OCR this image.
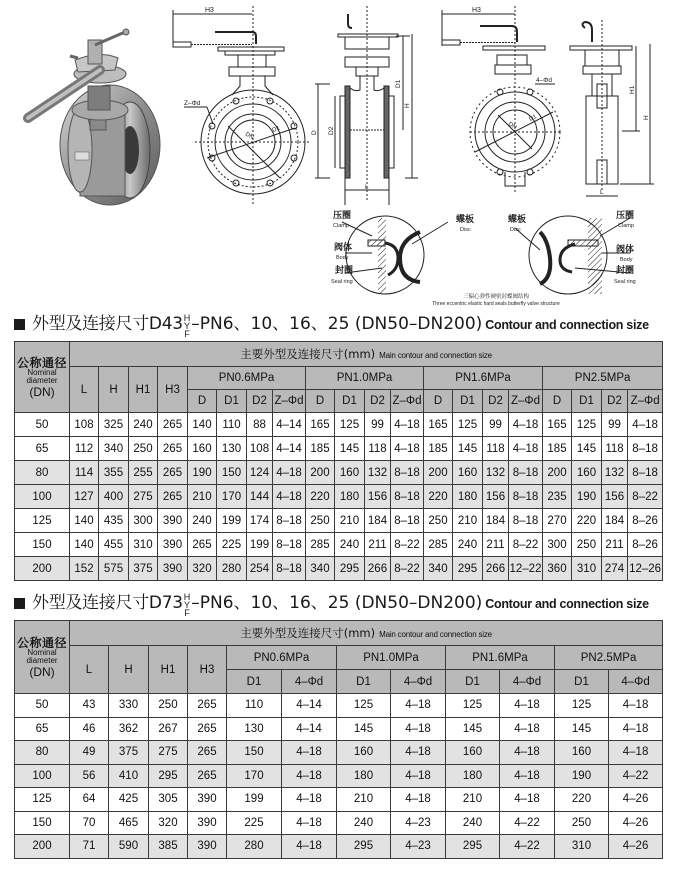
H3
Z–Φd
DN
D1	D D2
L
D1
H
H3
4–Φd
DN
D1
L
H1
H
压圈
Clamp
阀体
Body
封圈
Seal ring
蝶板
Disc
蝶板
Disc
压圈
Clamp
阀体
Body
封圈
Seal ring
三偏心弹性硬密封蝶阀结构
Three eccentric elastic hard seals butterfly valve structure
外型及连接尺寸D43 H
Y
F –PN6、10、16、25 (DN50–DN200) Contour and connection size
公称通径
Nominal
diameter
(DN)	主要外型及连接尺寸(mm) Main contour and connection size																			
	L	H	H1	H3	PN0.6MPa				PN1.0MPa				PN1.6MPa				PN2.5MPa			
					D	D1	D2	Z–Φd	D	D1	D2	Z–Φd	D	D1	D2	Z–Φd	D	D1	D2	Z–Φd
50	108	325	240	265	140	110	88	4–14	165	125	99	4–18	165	125	99	4–18	165	125	99	4–18
65	112	340	250	265	160	130	108	4–14	185	145	118	4–18	185	145	118	4–18	185	145	118	8–18
80	114	355	255	265	190	150	124	4–18	200	160	132	8–18	200	160	132	8–18	200	160	132	8–18
100	127	400	275	265	210	170	144	4–18	220	180	156	8–18	220	180	156	8–18	235	190	156	8–22
125	140	435	300	390	240	199	174	8–18	250	210	184	8–18	250	210	184	8–18	270	220	184	8–26
150	140	455	310	390	265	225	199	8–18	285	240	211	8–22	285	240	211	8–22	300	250	211	8–26
200	152	575	375	390	320	280	254	8–18	340	295	266	8–22	340	295	266	12–22	360	310	274	12–26
外型及连接尺寸D73 H
Y
F –PN6、10、16、25 (DN50–DN200) Contour and connection size
公称通径
Nominal
diameter
(DN)	主要外型及连接尺寸(mm) Main contour and connection size											
	L	H	H1	H3	PN0.6MPa		PN1.0MPa		PN1.6MPa		PN2.5MPa	
					D1	4–Φd	D1	4–Φd	D1	4–Φd	D1	4–Φd
50	43	330	250	265	110	4–14	125	4–18	125	4–18	125	4–18
65	46	362	267	265	130	4–14	145	4–18	145	4–18	145	4–18
80	49	375	275	265	150	4–18	160	4–18	160	4–18	160	4–18
100	56	410	295	265	170	4–18	180	4–18	180	4–18	190	4–22
125	64	425	305	390	199	4–18	210	4–18	210	4–18	220	4–26
150	70	465	320	390	225	4–18	240	4–23	240	4–22	250	4–26
200	71	590	385	390	280	4–18	295	4–23	295	4–22	310	4–26
